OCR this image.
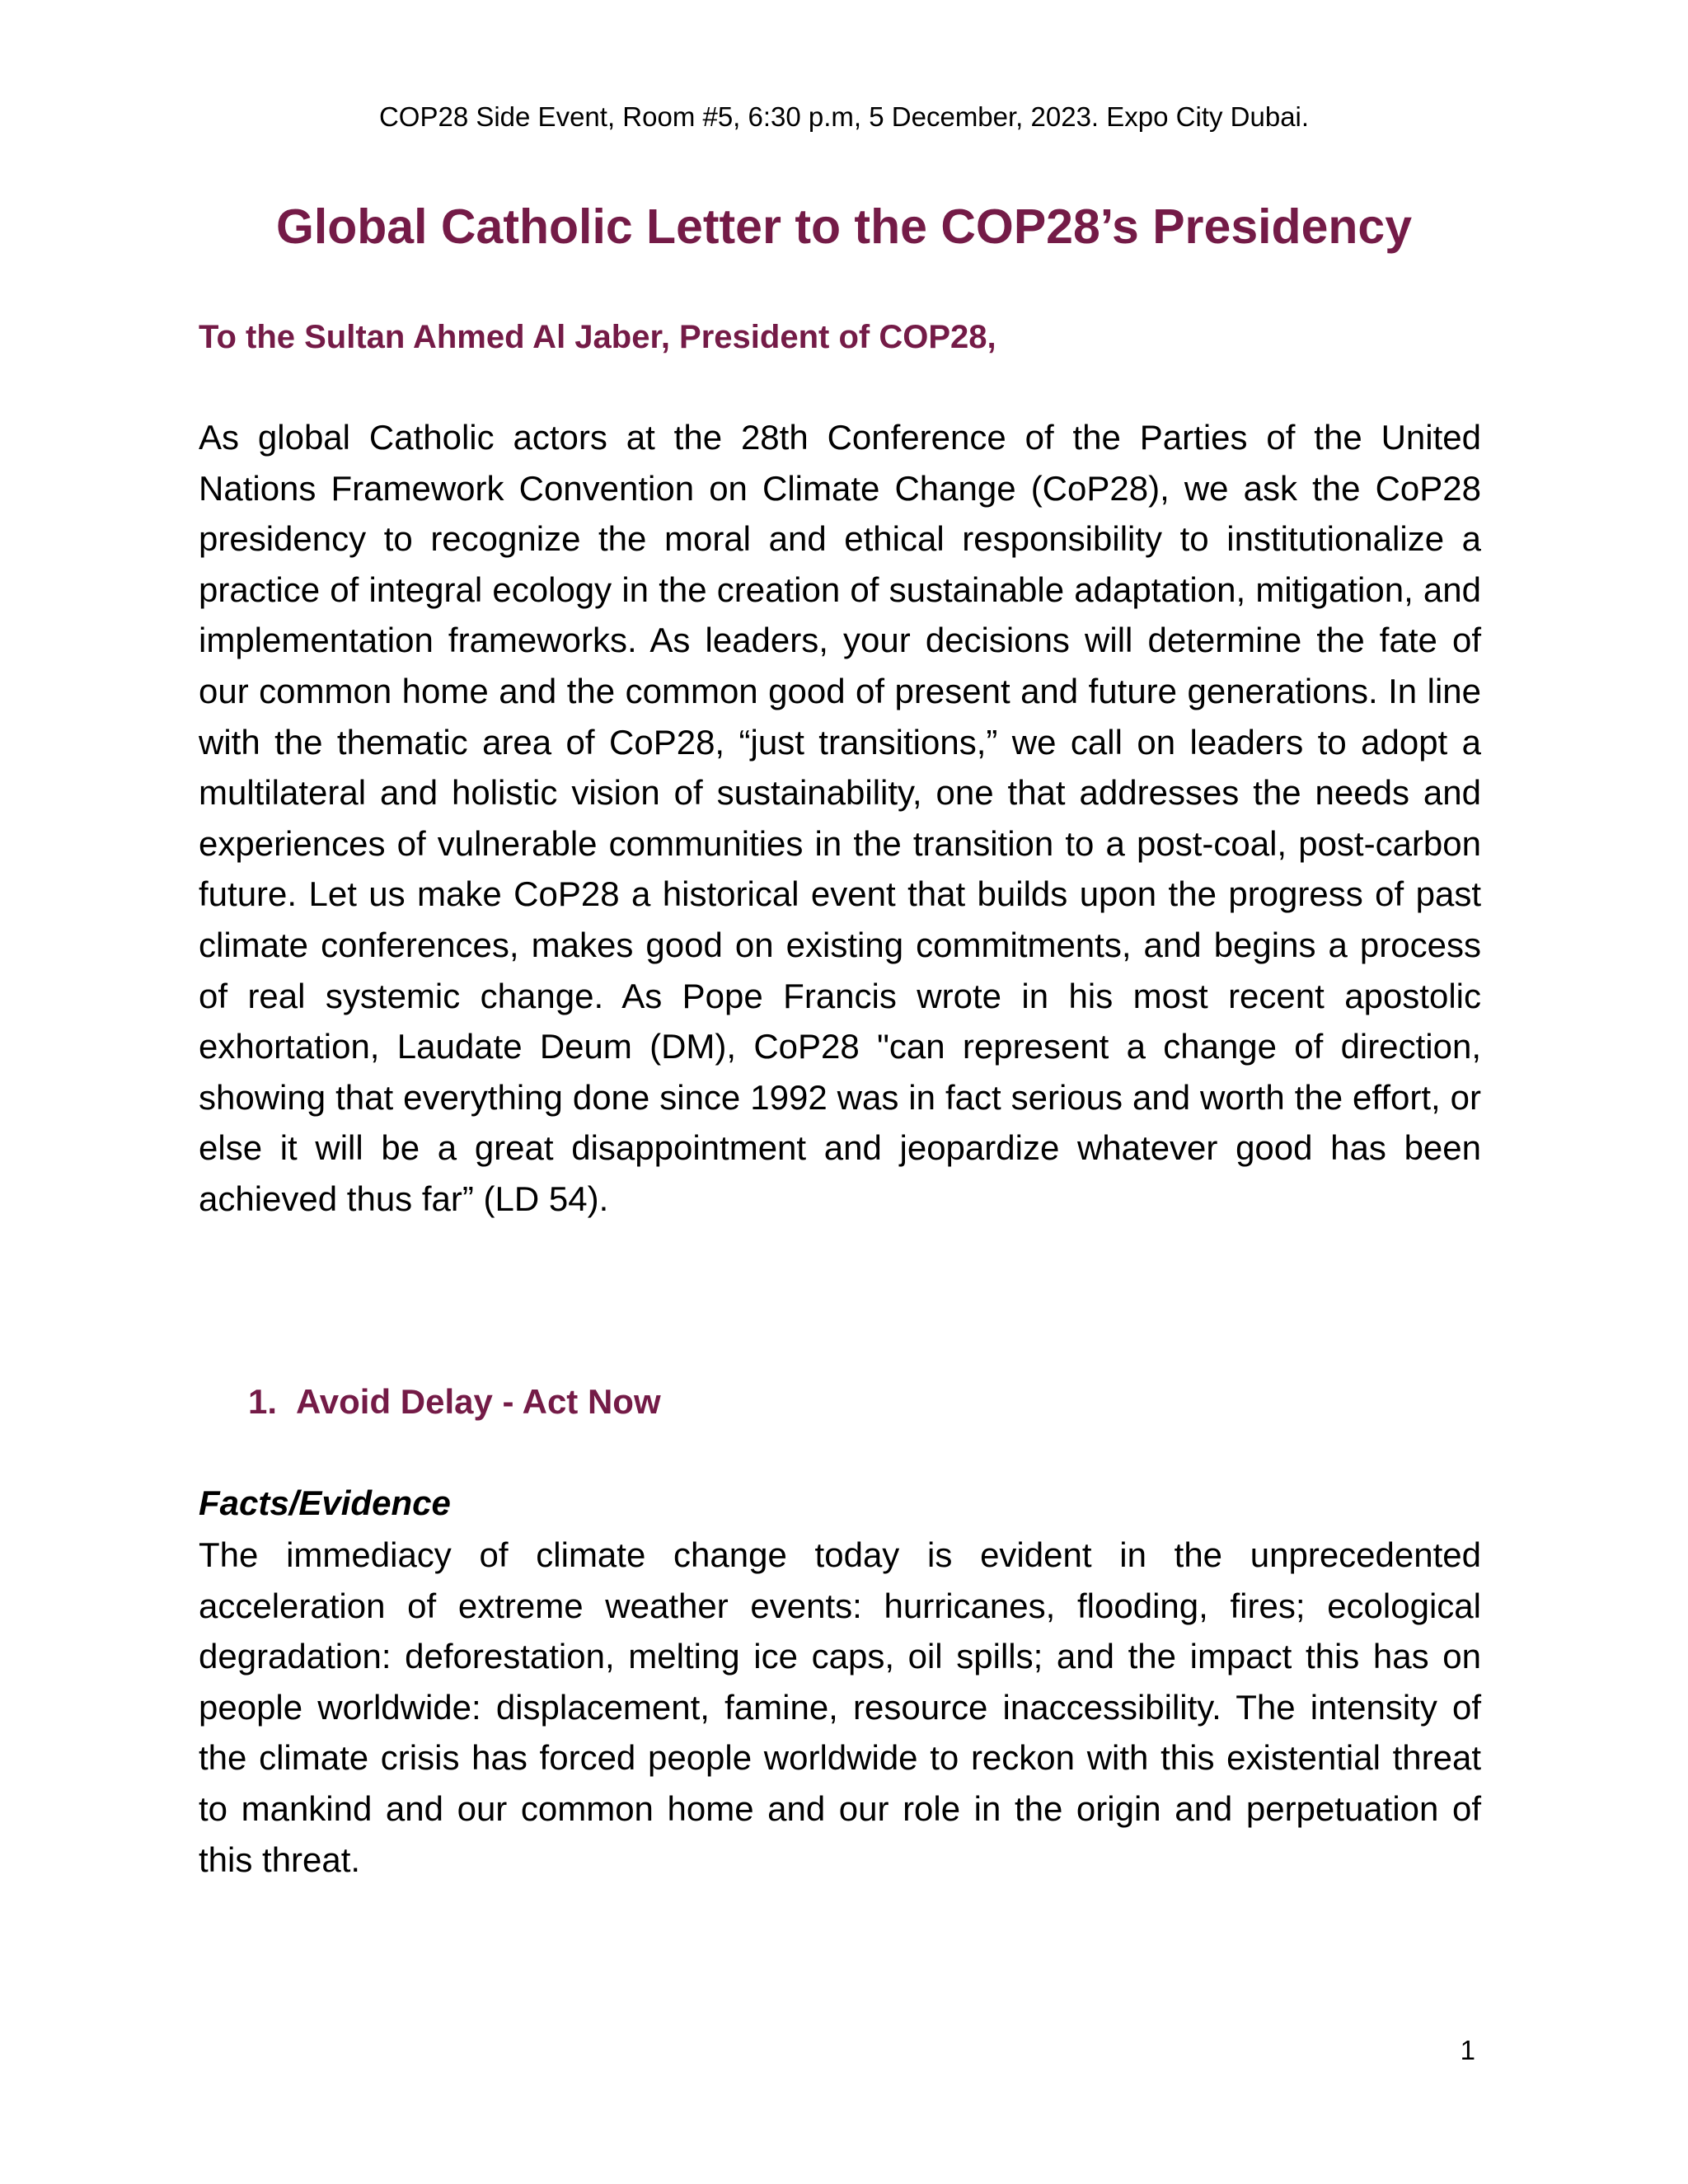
COP28 Side Event, Room #5, 6:30 p.m, 5 December, 2023. Expo City Dubai.
Global Catholic Letter to the COP28’s Presidency

To the Sultan Ahmed Al Jaber, President of COP28,

As global Catholic actors at the 28th Conference of the Parties of the United Nations Framework Convention on Climate Change (CoP28), we ask the CoP28 presidency to recognize the moral and ethical responsibility to institutionalize a practice of integral ecology in the creation of sustainable adaptation, mitigation, and implementation frameworks. As leaders, your decisions will determine the fate of our common home and the common good of present and future generations. In line with the thematic area of CoP28, “just transitions,” we call on leaders to adopt a multilateral and holistic vision of sustainability, one that addresses the needs and experiences of vulnerable communities in the transition to a post-coal, post-carbon future. Let us make CoP28 a historical event that builds upon the progress of past climate conferences, makes good on existing commitments, and begins a process of real systemic change. As Pope Francis wrote in his most recent apostolic exhortation, Laudate Deum (DM), CoP28 "can represent a change of direction, showing that everything done since 1992 was in fact serious and worth the effort, or else it will be a great disappointment and jeopardize whatever good has been achieved thus far” (LD 54).

1. Avoid Delay - Act Now
Facts/Evidence

The immediacy of climate change today is evident in the unprecedented acceleration of extreme weather events: hurricanes, flooding, fires; ecological degradation: deforestation, melting ice caps, oil spills; and the impact this has on people worldwide: displacement, famine, resource inaccessibility. The intensity of the climate crisis has forced people worldwide to reckon with this existential threat to mankind and our common home and our role in the origin and perpetuation of this threat.

1
